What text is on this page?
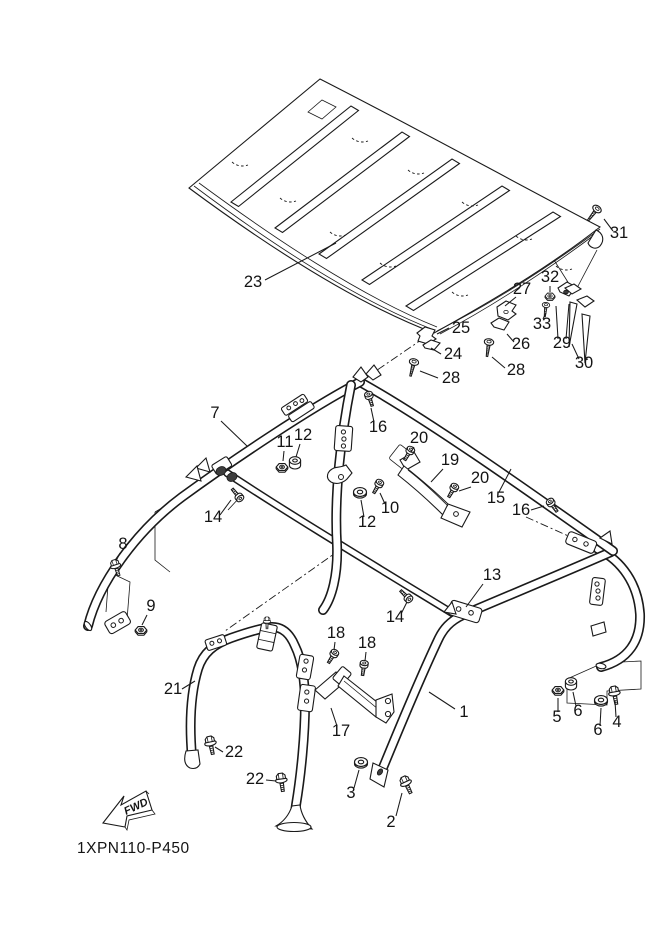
23
31
32
27
33
26 29
30
25
24
28	28
7
16
11 12	20
19
20
15
16
14	12
10
8
9
13
14
18
18
17
1
21
5 6
6 4
22
22
3
2
FWD
1XPN110-P450
